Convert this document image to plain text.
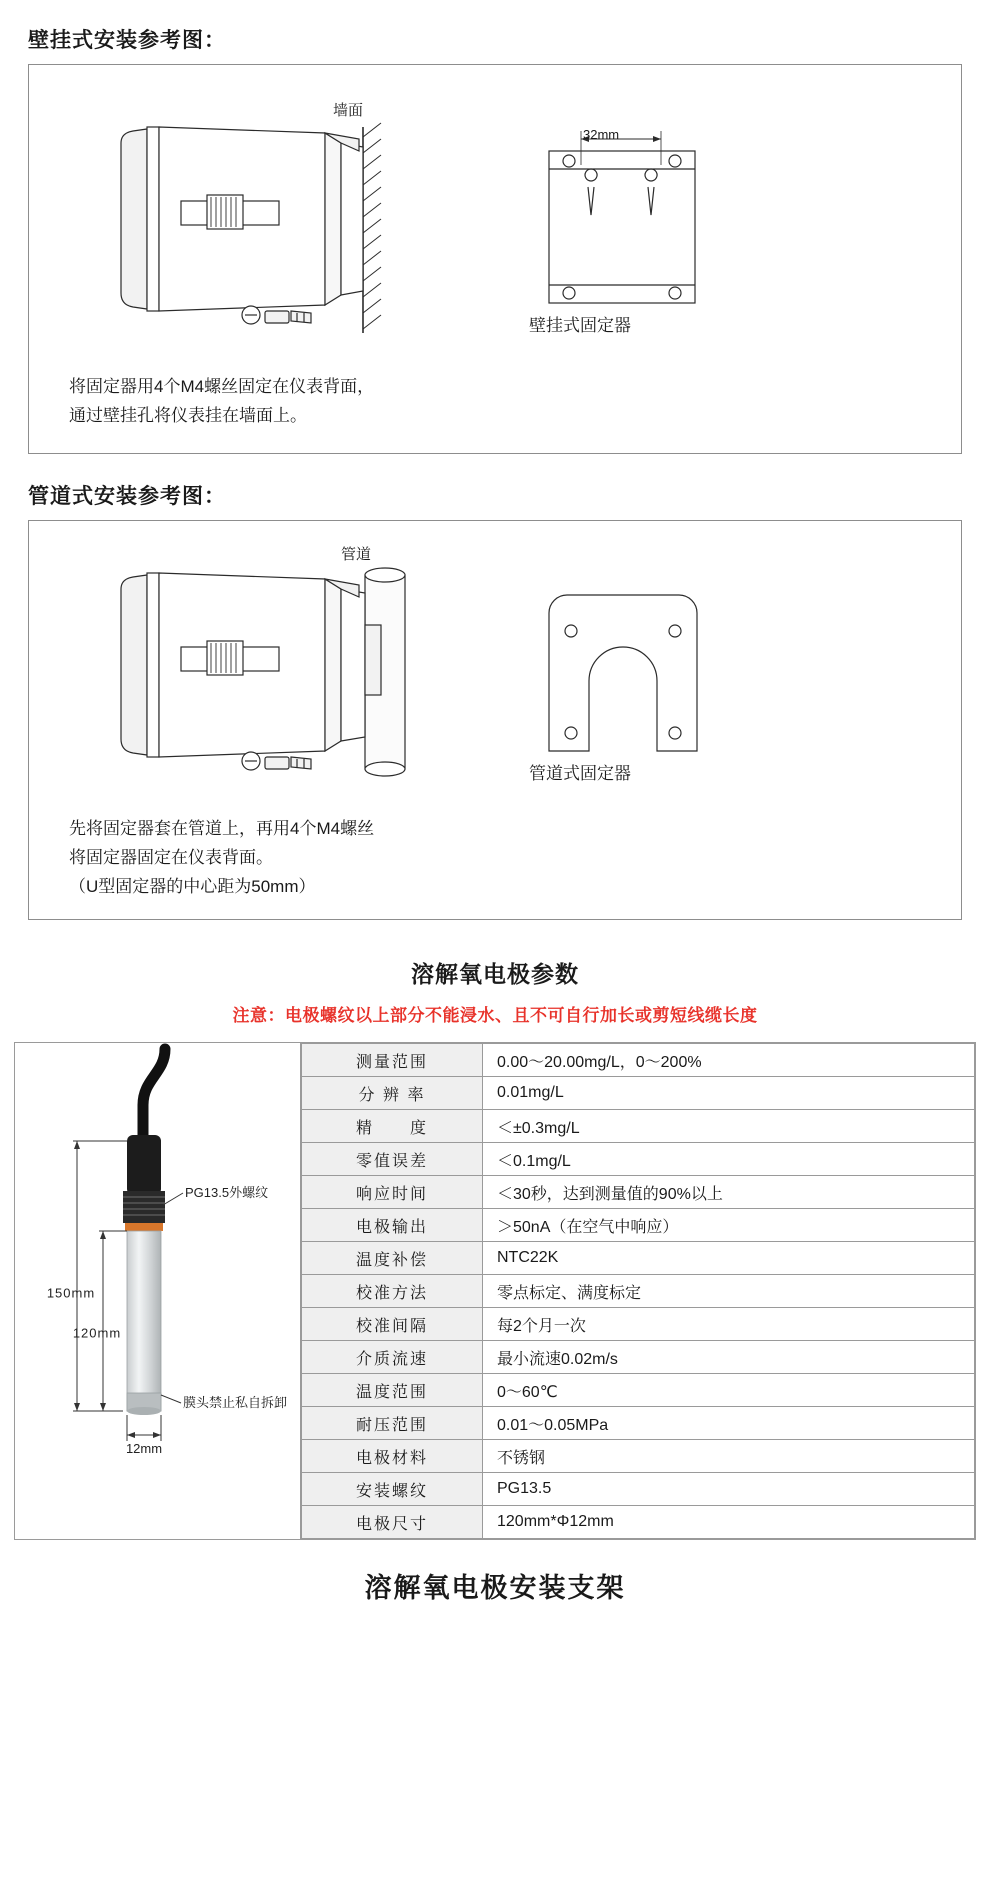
壁挂式安装参考图：
墙面
壁挂式固定器
32mm
将固定器用4个M4螺丝固定在仪表背面，
通过壁挂孔将仪表挂在墙面上。
管道式安装参考图：
管道
管道式固定器
先将固定器套在管道上，再用4个M4螺丝
将固定器固定在仪表背面。
（U型固定器的中心距为50mm）
溶解氧电极参数
注意：电极螺纹以上部分不能浸水、且不可自行加长或剪短线缆长度
150mm
120mm
12mm
PG13.5外螺纹
膜头禁止私自拆卸
测量范围	0.00～20.00mg/L，0～200%
分 辨 率	0.01mg/L
精　　度	＜±0.3mg/L
零值误差	＜0.1mg/L
响应时间	＜30秒，达到测量值的90%以上
电极输出	＞50nA（在空气中响应）
温度补偿	NTC22K
校准方法	零点标定、满度标定
校准间隔	每2个月一次
介质流速	最小流速0.02m/s
温度范围	0～60℃
耐压范围	0.01～0.05MPa
电极材料	不锈钢
安装螺纹	PG13.5
电极尺寸	120mm*Φ12mm
溶解氧电极安装支架
